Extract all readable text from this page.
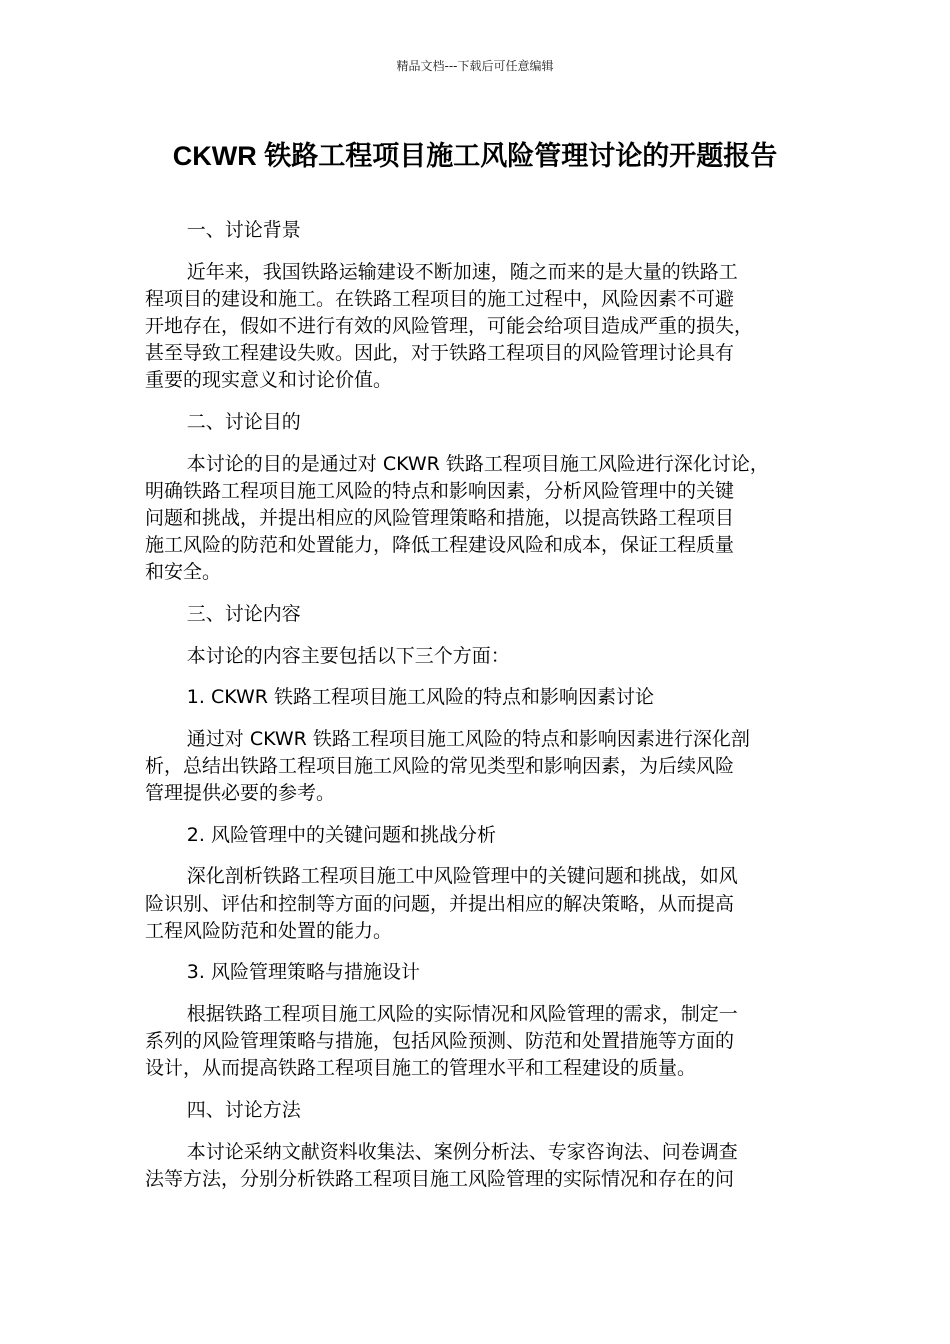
精品文档---下载后可任意编辑
CKWR 铁路工程项目施工风险管理讨论的开题报告

一、讨论背景

近年来，我国铁路运输建设不断加速，随之而来的是大量的铁路工
程项目的建设和施工。在铁路工程项目的施工过程中，风险因素不可避
开地存在，假如不进行有效的风险管理，可能会给项目造成严重的损失，
甚至导致工程建设失败。因此，对于铁路工程项目的风险管理讨论具有
重要的现实意义和讨论价值。

二、讨论目的

本讨论的目的是通过对 CKWR 铁路工程项目施工风险进行深化讨论，
明确铁路工程项目施工风险的特点和影响因素，分析风险管理中的关键
问题和挑战，并提出相应的风险管理策略和措施，以提高铁路工程项目
施工风险的防范和处置能力，降低工程建设风险和成本，保证工程质量
和安全。

三、讨论内容

本讨论的内容主要包括以下三个方面：

1. CKWR 铁路工程项目施工风险的特点和影响因素讨论

通过对 CKWR 铁路工程项目施工风险的特点和影响因素进行深化剖
析，总结出铁路工程项目施工风险的常见类型和影响因素，为后续风险
管理提供必要的参考。

2. 风险管理中的关键问题和挑战分析

深化剖析铁路工程项目施工中风险管理中的关键问题和挑战，如风
险识别、评估和控制等方面的问题，并提出相应的解决策略，从而提高
工程风险防范和处置的能力。

3. 风险管理策略与措施设计

根据铁路工程项目施工风险的实际情况和风险管理的需求，制定一
系列的风险管理策略与措施，包括风险预测、防范和处置措施等方面的
设计，从而提高铁路工程项目施工的管理水平和工程建设的质量。

四、讨论方法

本讨论采纳文献资料收集法、案例分析法、专家咨询法、问卷调查
法等方法，分别分析铁路工程项目施工风险管理的实际情况和存在的问
